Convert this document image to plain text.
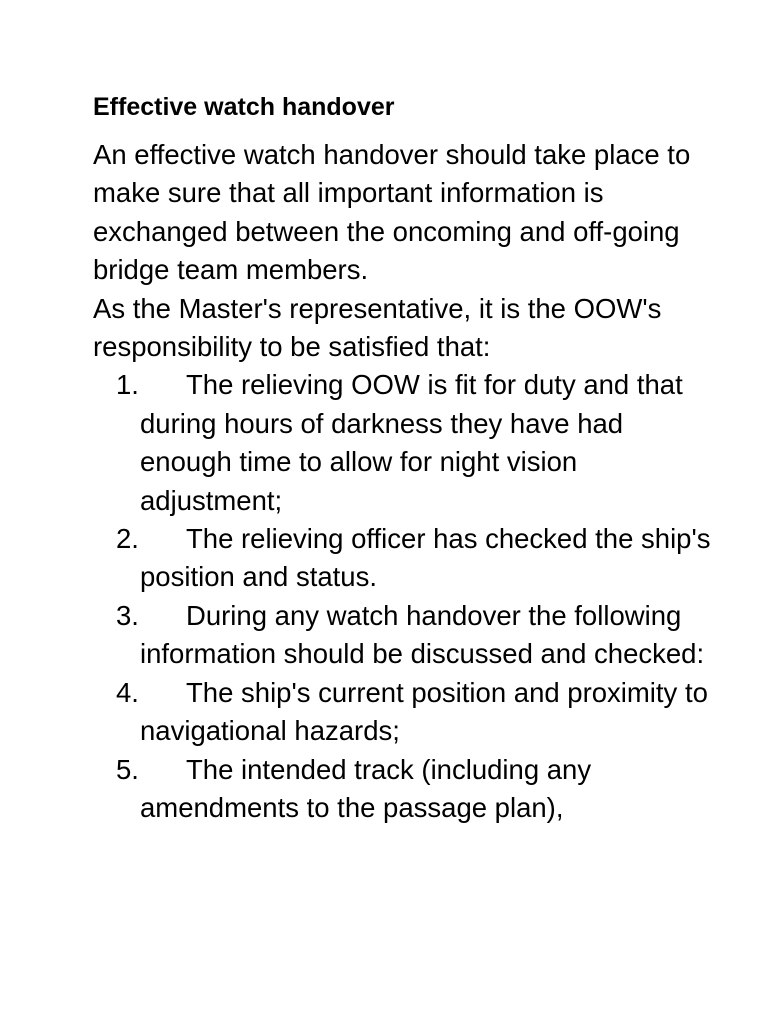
Effective watch handover

An effective watch handover should take place to make sure that all important information is exchanged between the oncoming and off-going bridge team members.

As the Master's representative, it is the OOW's responsibility to be satisfied that:

1. The relieving OOW is fit for duty and that during hours of darkness they have had enough time to allow for night vision adjustment;
2. The relieving officer has checked the ship's position and status.
3. During any watch handover the following information should be discussed and checked:
4. The ship's current position and proximity to navigational hazards;
5. The intended track (including any amendments to the passage plan),
